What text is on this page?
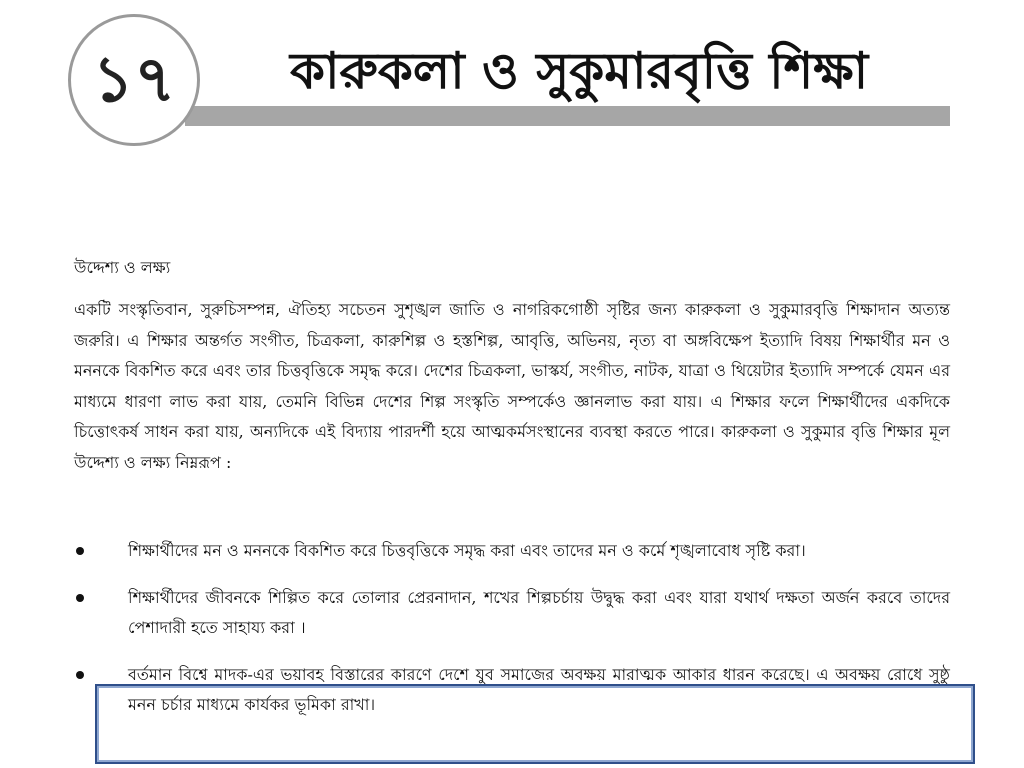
১৭ কারুকলা ও সুকুমারবৃত্তি শিক্ষা
উদ্দেশ্য ও লক্ষ্য

একটি সংস্কৃতিবান, সুরুচিসম্পন্ন, ঐতিহ্য সচেতন সুশৃঙ্খল জাতি ও নাগরিকগোষ্ঠী সৃষ্টির জন্য কারুকলা ও সুকুমারবৃত্তি শিক্ষাদান অত্যন্ত জরুরি। এ শিক্ষার অন্তর্গত সংগীত, চিত্রকলা, কারুশিল্প ও হস্তশিল্প, আবৃত্তি, অভিনয়, নৃত্য বা অঙ্গবিক্ষেপ ইত্যাদি বিষয় শিক্ষার্থীর মন ও মননকে বিকশিত করে এবং তার চিত্তবৃত্তিকে সমৃদ্ধ করে। দেশের চিত্রকলা, ভাস্কর্য, সংগীত, নাটক, যাত্রা ও থিয়েটার ইত্যাদি সম্পর্কে যেমন এর মাধ্যমে ধারণা লাভ করা যায়, তেমনি বিভিন্ন দেশের শিল্প সংস্কৃতি সম্পর্কেও জ্ঞানলাভ করা যায়। এ শিক্ষার ফলে শিক্ষার্থীদের একদিকে চিত্তোৎকর্ষ সাধন করা যায়, অন্যদিকে এই বিদ্যায় পারদর্শী হয়ে আত্মকর্মসংস্থানের ব্যবস্থা করতে পারে। কারুকলা ও সুকুমার বৃত্তি শিক্ষার মূল উদ্দেশ্য ও লক্ষ্য নিম্নরূপ :

শিক্ষার্থীদের মন ও মননকে বিকশিত করে চিত্তবৃত্তিকে সমৃদ্ধ করা এবং তাদের মন ও কর্মে শৃঙ্খলাবোধ সৃষ্টি করা।
শিক্ষার্থীদের জীবনকে শিল্পিত করে তোলার প্রেরনাদান, শখের শিল্পচর্চায় উদ্বুদ্ধ করা এবং যারা যথার্থ দক্ষতা অর্জন করবে তাদের পেশাদারী হতে সাহায্য করা ।
বর্তমান বিশ্বে মাদক-এর ভয়াবহ বিস্তারের কারণে দেশে যুব সমাজের অবক্ষয় মারাত্মক আকার ধারন করেছে। এ অবক্ষয় রোধে সুষ্ঠু মনন চর্চার মাধ্যমে কার্যকর ভূমিকা রাখা।
